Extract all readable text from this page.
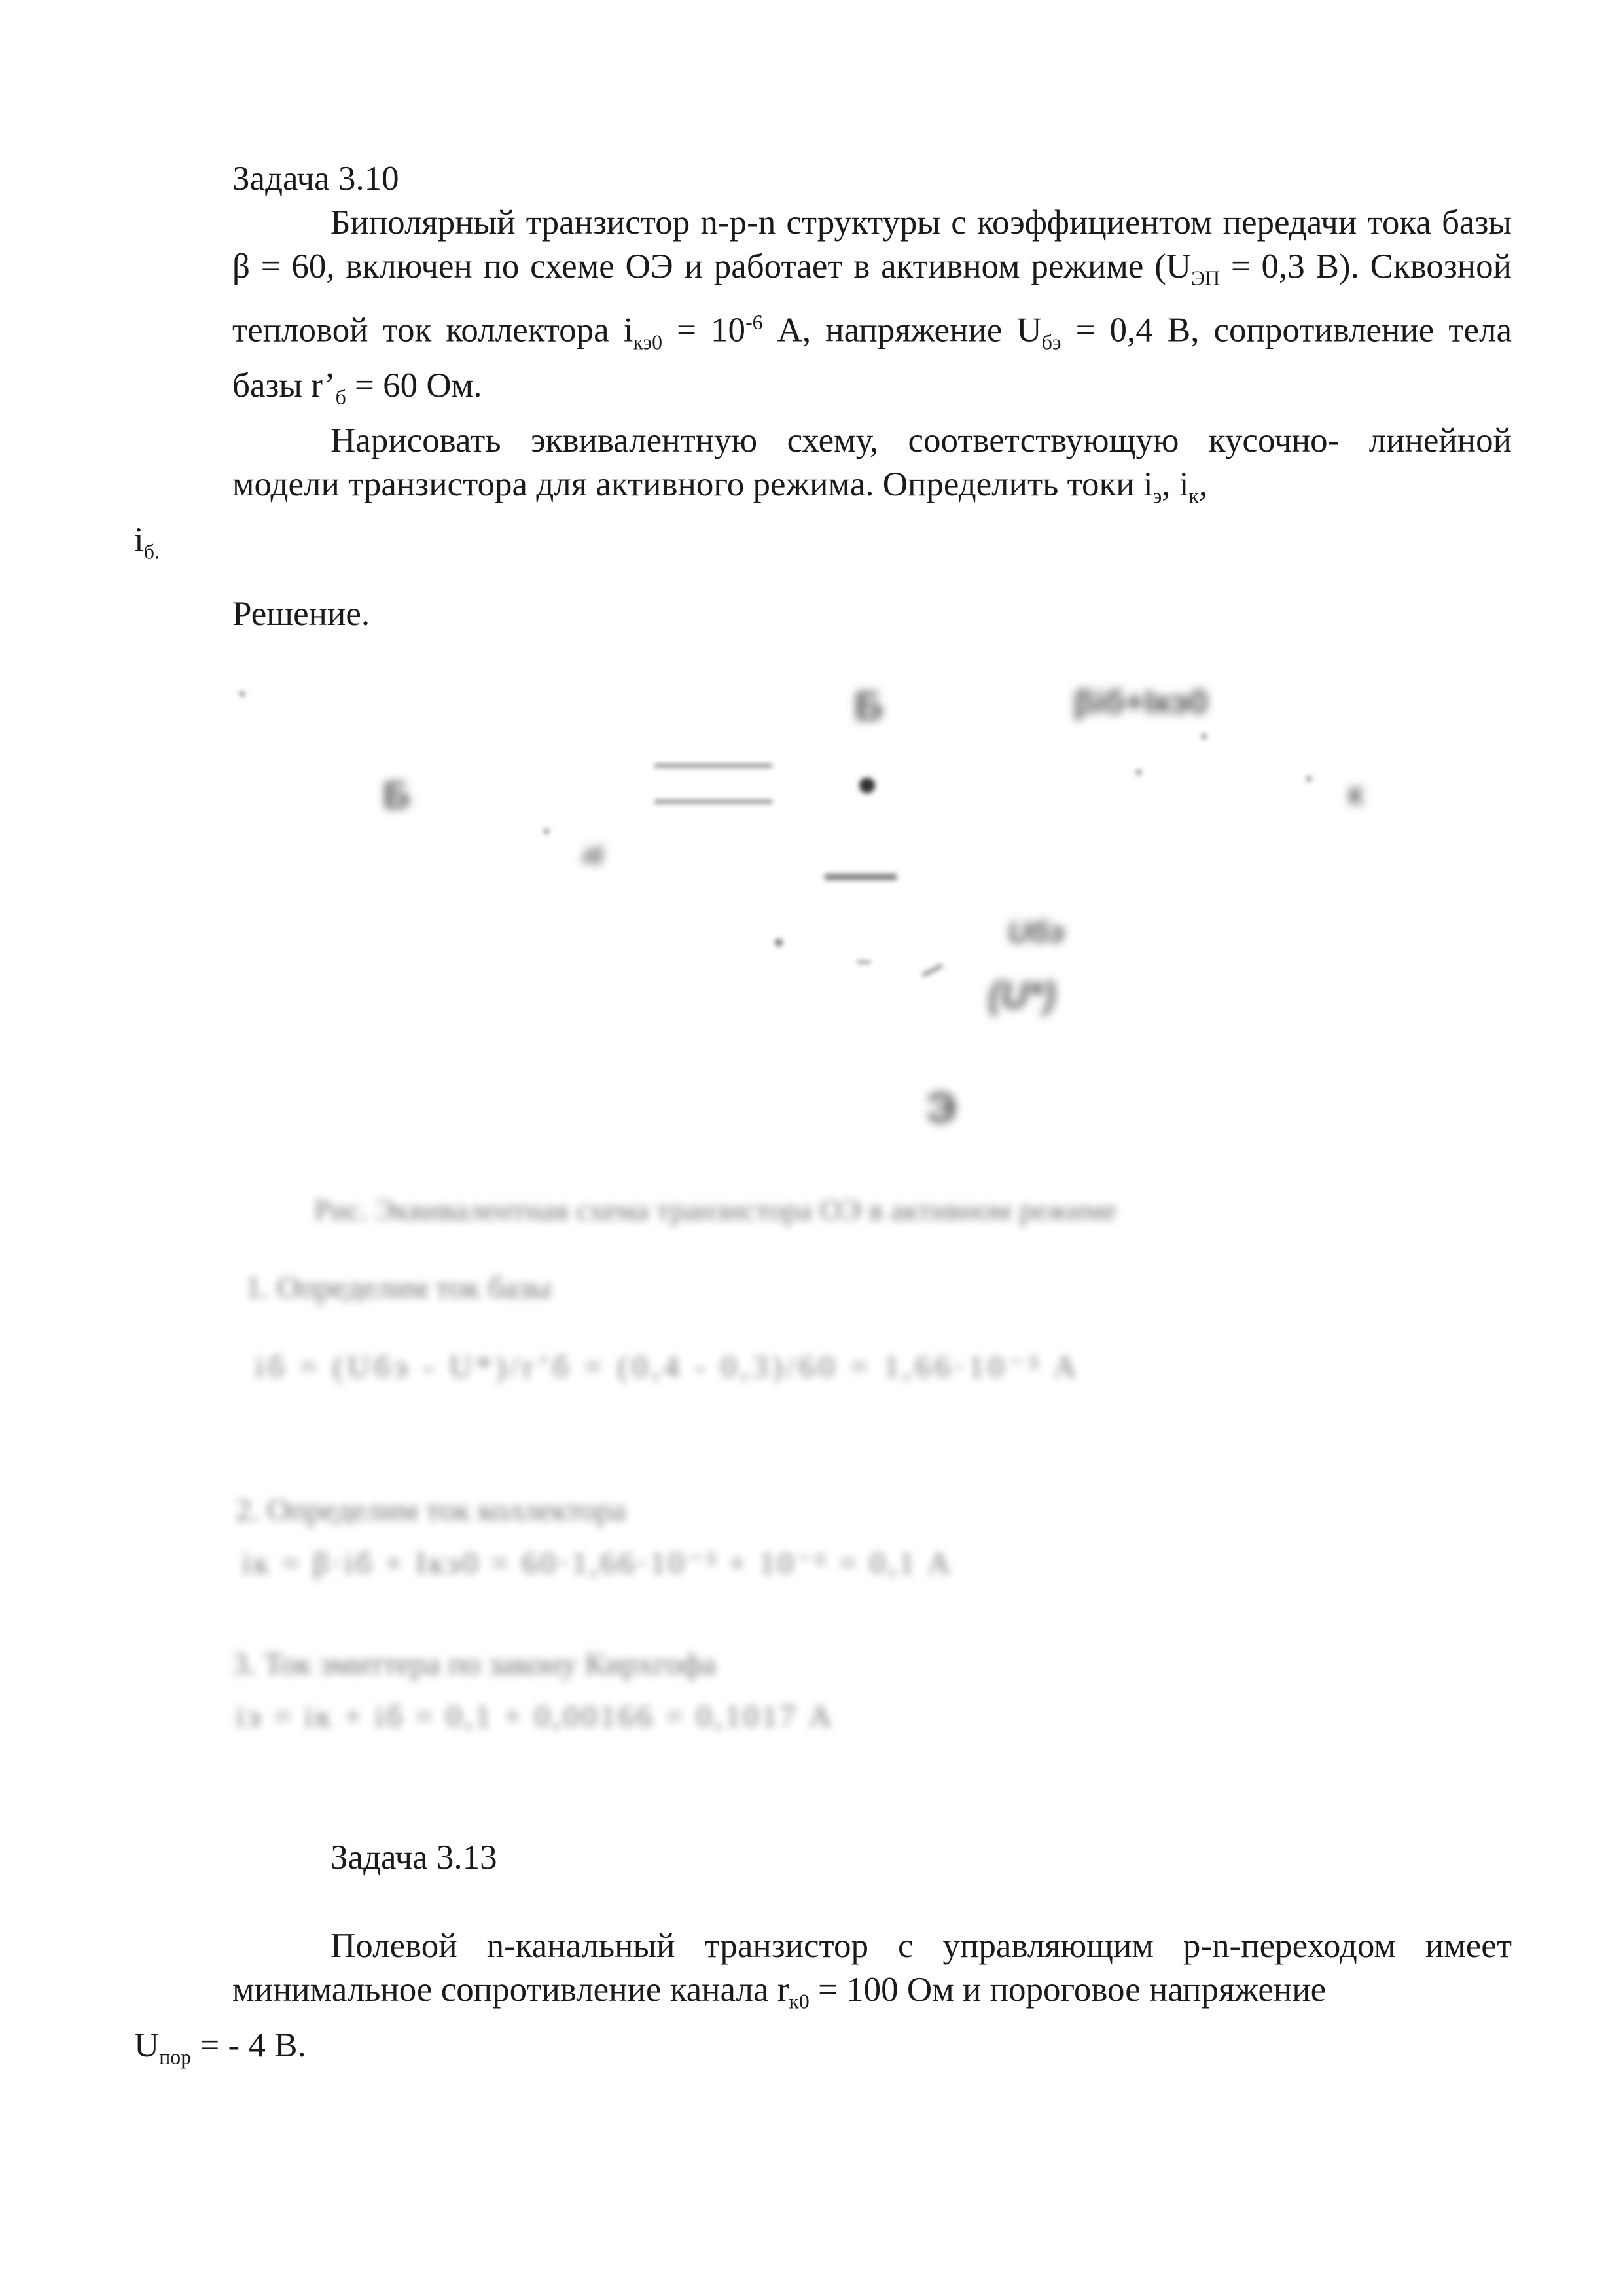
Задача 3.10

Биполярный транзистор n-p-n структуры с коэффициентом передачи тока базы β = 60, включен по схеме ОЭ и работает в активном режиме ($U_{ЭП} = 0,3$ В). Сквозной тепловой ток коллектора $i_{кэ0} = 10^{-6}$ А, напряжение $U_{бэ} = 0,4$ В, сопротивление тела базы $r’_б = 60$ Ом.

Нарисовать эквивалентную схему, соответствующую кусочно- линейной модели транзистора для активного режима. Определить токи $i_э$, $i_к$,
$i_{б.}$

Решение.
Б
Б
Э
βiб+Iкэ0
К
Uбэ
(U*)
iб
Рис. Эквивалентная схема транзистора ОЭ в активном режиме
1. Определим ток базы
iб = (Uбэ - U*)/r’б = (0,4 - 0,3)/60 = 1,66·10⁻³ А
2. Определим ток коллектора
iк = β·iб + Iкэ0 = 60·1,66·10⁻³ + 10⁻⁶ = 0,1 А
3. Ток эмиттера по закону Кирхгофа
iэ = iк + iб = 0,1 + 0,00166 = 0,1017 А
Задача 3.13

Полевой n-канальный транзистор с управляющим p-n-переходом имеет минимальное сопротивление канала $r_{к0} = 100$ Ом и пороговое напряжение
$U_{пор}$ = - 4 В.
